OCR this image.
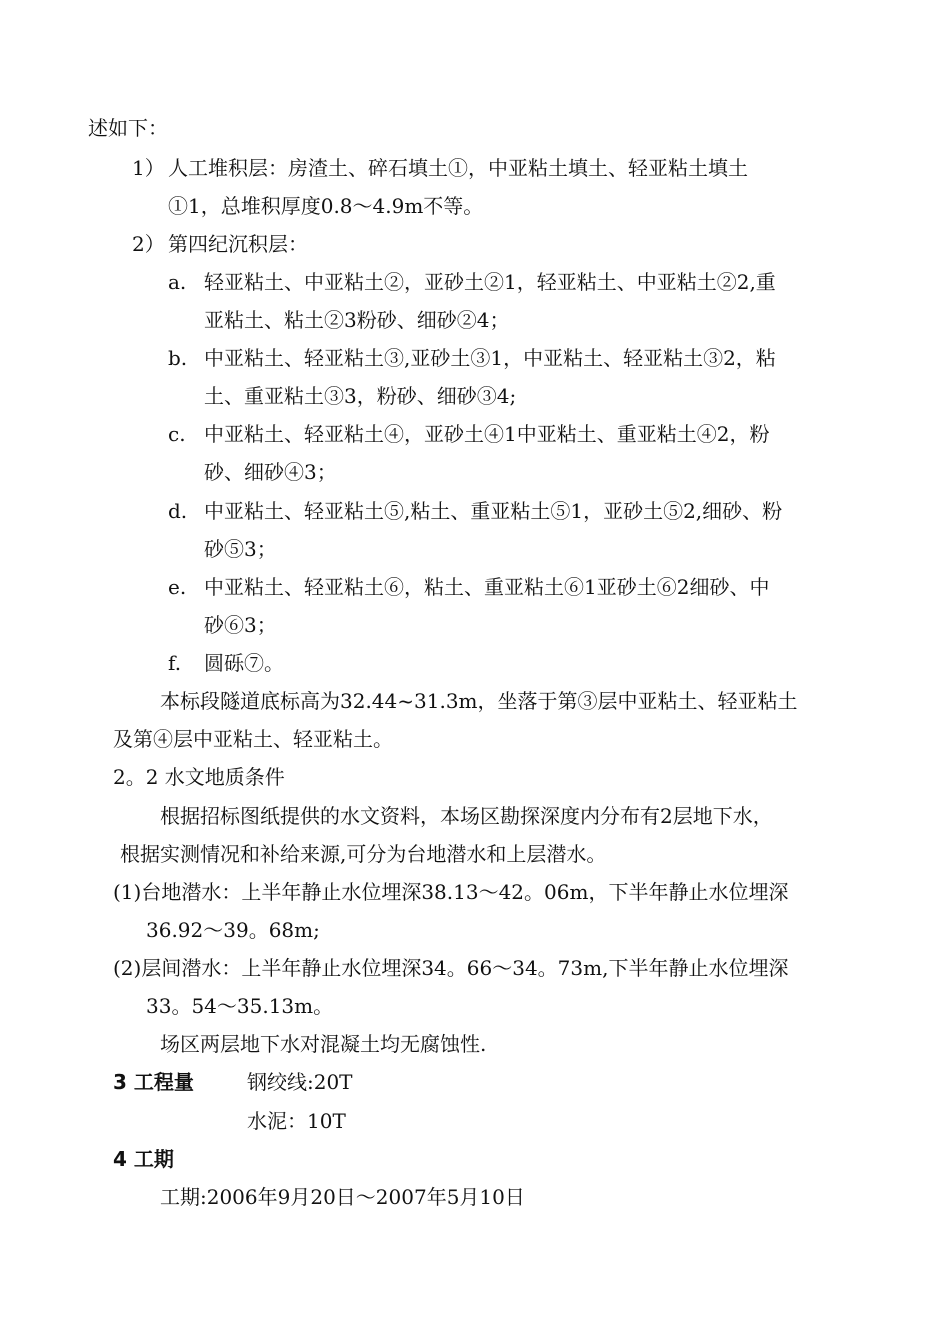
述如下：
1） 人工堆积层：房渣土、碎石填土①，中亚粘土填土、轻亚粘土填土
①1，总堆积厚度0.8～4.9m不等。
2） 第四纪沉积层：
a. 轻亚粘土、中亚粘土②，亚砂土②1，轻亚粘土、中亚粘土②2,重
亚粘土、粘土②3粉砂、细砂②4；
b. 中亚粘土、轻亚粘土③,亚砂土③1，中亚粘土、轻亚粘土③2，粘
土、重亚粘土③3，粉砂、细砂③4;
c. 中亚粘土、轻亚粘土④，亚砂土④1中亚粘土、重亚粘土④2，粉
砂、细砂④3；
d. 中亚粘土、轻亚粘土⑤,粘土、重亚粘土⑤1，亚砂土⑤2,细砂、粉
砂⑤3；
e. 中亚粘土、轻亚粘土⑥，粘土、重亚粘土⑥1亚砂土⑥2细砂、中
砂⑥3；
f. 圆砾⑦。
本标段隧道底标高为32.44~31.3m，坐落于第③层中亚粘土、轻亚粘土
及第④层中亚粘土、轻亚粘土。
2。2 水文地质条件
根据招标图纸提供的水文资料，本场区勘探深度内分布有2层地下水，
根据实测情况和补给来源,可分为台地潜水和上层潜水。
(1)台地潜水：上半年静止水位埋深38.13～42。06m，下半年静止水位埋深
36.92～39。68m;
(2)层间潜水：上半年静止水位埋深34。66～34。73m,下半年静止水位埋深
33。54～35.13m。
场区两层地下水对混凝土均无腐蚀性.
3 工程量	钢绞线:20T
水泥：10T
4 工期
工期:2006年9月20日～2007年5月10日
